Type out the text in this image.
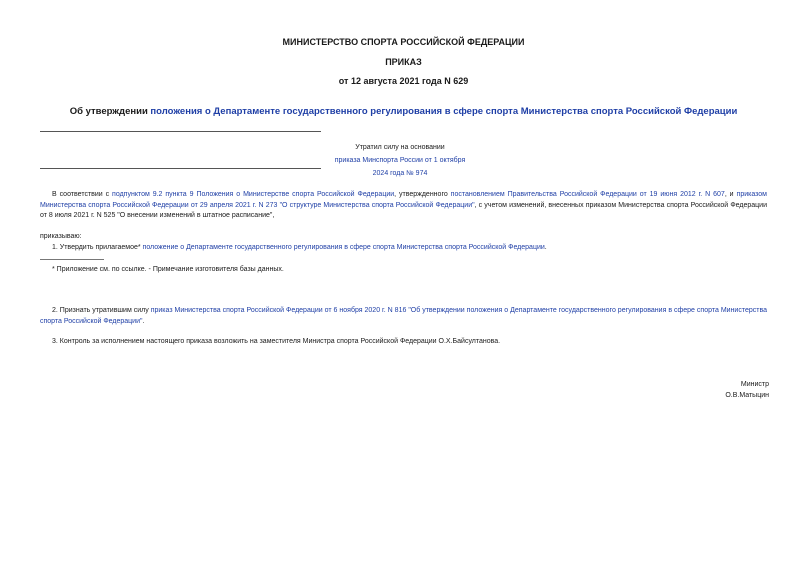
МИНИСТЕРСТВО СПОРТА РОССИЙСКОЙ ФЕДЕРАЦИИ
ПРИКАЗ
от 12 августа 2021 года N 629
Об утверждении положения о Департаменте государственного регулирования в сфере спорта Министерства спорта Российской Федерации
Утратил силу на основании
приказа Минспорта России от 1 октября 2024 года № 974
В соответствии с подпунктом 9.2 пункта 9 Положения о Министерстве спорта Российской Федерации, утвержденного постановлением Правительства Российской Федерации от 19 июня 2012 г. N 607, и приказом Министерства спорта Российской Федерации от 29 апреля 2021 г. N 273 "О структуре Министерства спорта Российской Федерации", с учетом изменений, внесенных приказом Министерства спорта Российской Федерации от 8 июля 2021 г. N 525 "О внесении изменений в штатное расписание",
приказываю:
1. Утвердить прилагаемое* положение о Департаменте государственного регулирования в сфере спорта Министерства спорта Российской Федерации.
* Приложение см. по ссылке. - Примечание изготовителя базы данных.
2. Признать утратившим силу приказ Министерства спорта Российской Федерации от 6 ноября 2020 г. N 816 "Об утверждении положения о Департаменте государственного регулирования в сфере спорта Министерства спорта Российской Федерации".
3. Контроль за исполнением настоящего приказа возложить на заместителя Министра спорта Российской Федерации О.Х.Байсултанова.
Министр
О.В.Матыцин
